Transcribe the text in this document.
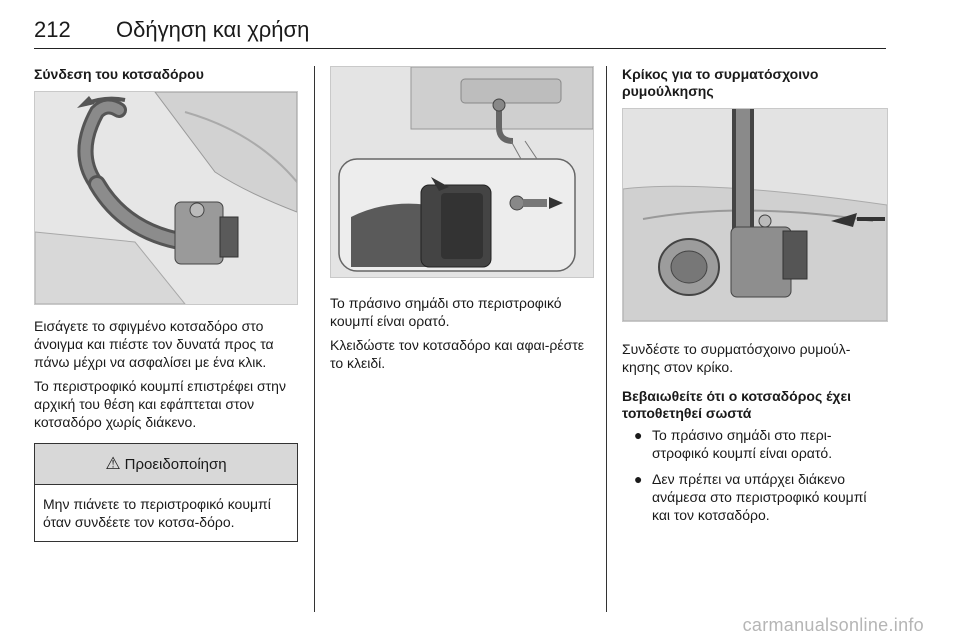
212 Οδήγηση και χρήση
Σύνδεση του κοτσαδόρου

Εισάγετε το σφιγμένο κοτσαδόρο στο άνοιγμα και πιέστε τον δυνατά προς τα πάνω μέχρι να ασφαλίσει με ένα κλικ.

Το περιστροφικό κουμπί επιστρέφει στην αρχική του θέση και εφάπτεται στον κοτσαδόρο χωρίς διάκενο.

⚠ Προειδοποίηση
Μην πιάνετε το περιστροφικό κουμπί όταν συνδέετε τον κοτσα-δόρο.

Το πράσινο σημάδι στο περιστροφικό κουμπί είναι ορατό.

Κλειδώστε τον κοτσαδόρο και αφαι-ρέστε το κλειδί.

Κρίκος για το συρματόσχοινο ρυμούλκησης

Συνδέστε το συρματόσχοινο ρυμούλ-κησης στον κρίκο.

Βεβαιωθείτε ότι ο κοτσαδόρος έχει τοποθετηθεί σωστά
● Το πράσινο σημάδι στο περι-στροφικό κουμπί είναι ορατό.
● Δεν πρέπει να υπάρχει διάκενο ανάμεσα στο περιστροφικό κουμπί και τον κοτσαδόρο.
carmanualsonline.info
